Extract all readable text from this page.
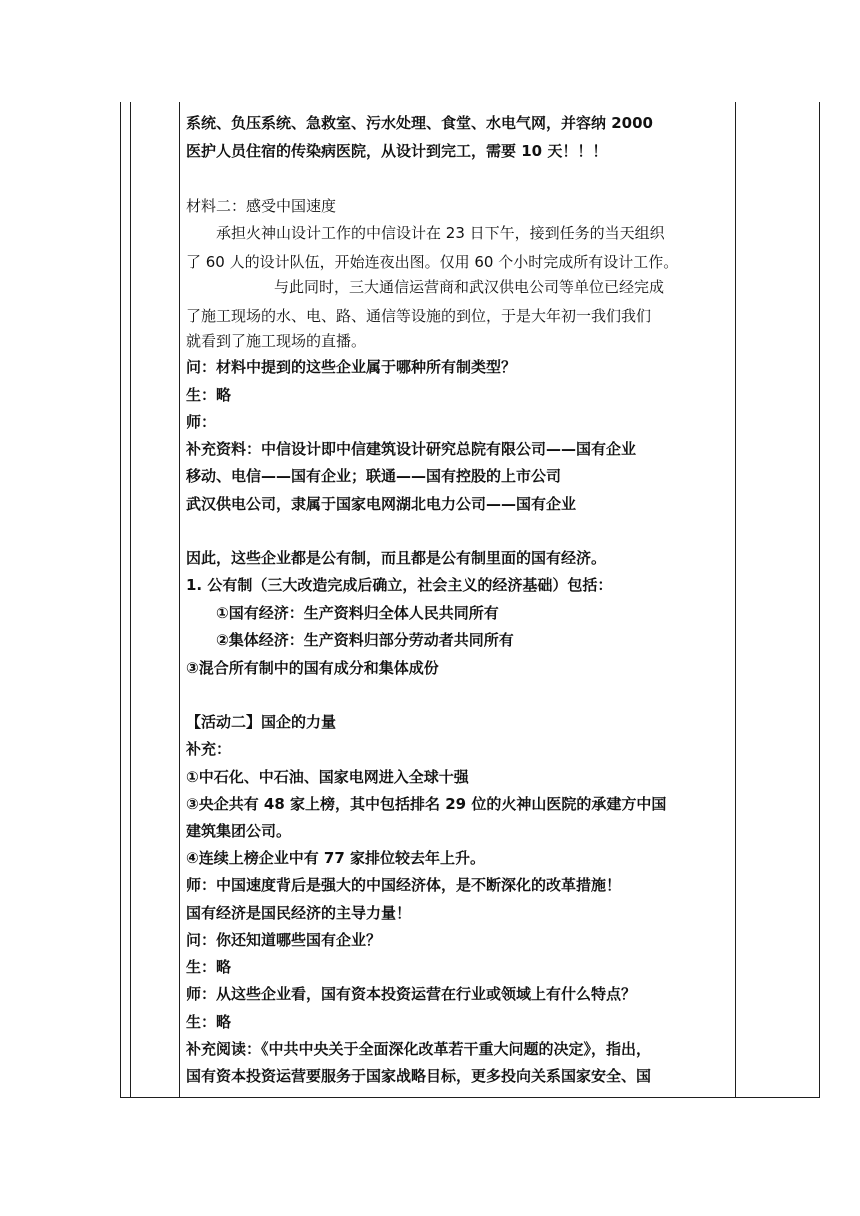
系统、负压系统、急救室、污水处理、食堂、水电气网，并容纳 2000
医护人员住宿的传染病医院，从设计到完工，需要 10 天！！！
材料二：感受中国速度
承担火神山设计工作的中信设计在 23 日下午，接到任务的当天组织
了 60 人的设计队伍，开始连夜出图。仅用 60 个小时完成所有设计工作。
与此同时，三大通信运营商和武汉供电公司等单位已经完成
了施工现场的水、电、路、通信等设施的到位，于是大年初一我们我们
就看到了施工现场的直播。
问：材料中提到的这些企业属于哪种所有制类型？
生：略
师：
补充资料：中信设计即中信建筑设计研究总院有限公司——国有企业
移动、电信——国有企业；联通——国有控股的上市公司
武汉供电公司，隶属于国家电网湖北电力公司——国有企业
因此，这些企业都是公有制，而且都是公有制里面的国有经济。
1. 公有制（三大改造完成后确立，社会主义的经济基础）包括：
①国有经济：生产资料归全体人民共同所有
②集体经济：生产资料归部分劳动者共同所有
③混合所有制中的国有成分和集体成份
【活动二】国企的力量
补充：
①中石化、中石油、国家电网进入全球十强
③央企共有 48 家上榜，其中包括排名 29 位的火神山医院的承建方中国
建筑集团公司。
④连续上榜企业中有 77 家排位较去年上升。
师：中国速度背后是强大的中国经济体，是不断深化的改革措施！
国有经济是国民经济的主导力量！
问：你还知道哪些国有企业？
生：略
师：从这些企业看，国有资本投资运营在行业或领域上有什么特点？
生：略
补充阅读：《中共中央关于全面深化改革若干重大问题的决定》，指出，
国有资本投资运营要服务于国家战略目标，更多投向关系国家安全、国
